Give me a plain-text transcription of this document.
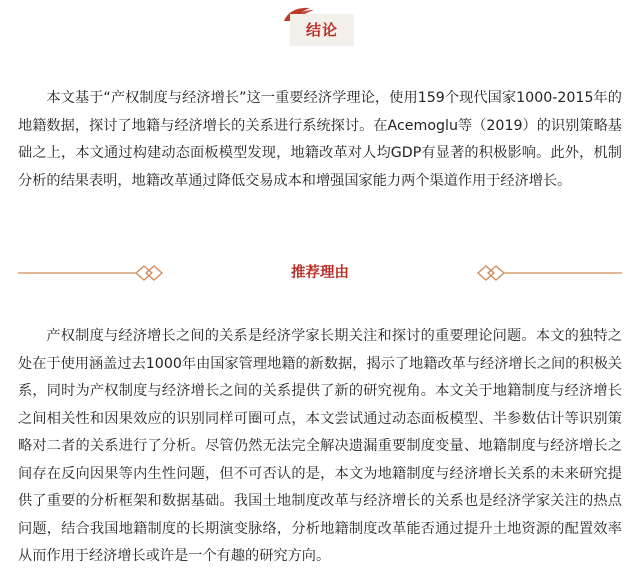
结论

本文基于“产权制度与经济增长”这一重要经济学理论，使用159个现代国家1000-2015年的地籍数据，探讨了地籍与经济增长的关系进行系统探讨。在Acemoglu等（2019）的识别策略基础之上，本文通过构建动态面板模型发现，地籍改革对人均GDP有显著的积极影响。此外，机制分析的结果表明，地籍改革通过降低交易成本和增强国家能力两个渠道作用于经济增长。

推荐理由

产权制度与经济增长之间的关系是经济学家长期关注和探讨的重要理论问题。本文的独特之处在于使用涵盖过去1000年由国家管理地籍的新数据，揭示了地籍改革与经济增长之间的积极关系，同时为产权制度与经济增长之间的关系提供了新的研究视角。本文关于地籍制度与经济增长之间相关性和因果效应的识别同样可圈可点，本文尝试通过动态面板模型、半参数估计等识别策略对二者的关系进行了分析。尽管仍然无法完全解决遗漏重要制度变量、地籍制度与经济增长之间存在反向因果等内生性问题，但不可否认的是，本文为地籍制度与经济增长关系的未来研究提供了重要的分析框架和数据基础。我国土地制度改革与经济增长的关系也是经济学家关注的热点问题，结合我国地籍制度的长期演变脉络，分析地籍制度改革能否通过提升土地资源的配置效率从而作用于经济增长或许是一个有趣的研究方向。
